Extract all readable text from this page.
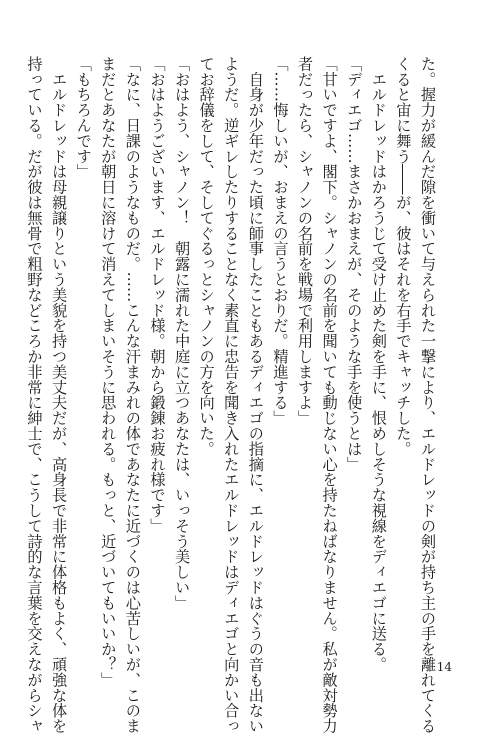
た。握力が緩んだ隙を衝いて与えられた一撃により、エルドレッドの剣が持ち主の手を離れてくる
くると宙に舞う――が、彼はそれを右手でキャッチした。
　エルドレッドはかろうじて受け止めた剣を手に、恨めしそうな視線をディエゴに送る。
「ディエゴ……まさかおまえが、そのような手を使うとは」
「甘いですよ、閣下。シャノンの名前を聞いても動じない心を持たねばなりません。私が敵対勢力
者だったら、シャノンの名前を戦場で利用しますよ」
「……悔しいが、おまえの言うとおりだ。精進する」
　自身が少年だった頃に師事したこともあるディエゴの指摘に、エルドレッドはぐうの音も出ない
ようだ。逆ギレしたりすることなく素直に忠告を聞き入れたエルドレッドはディエゴと向かい合っ
てお辞儀をして、そしてぐるっとシャノンの方を向いた。
「おはよう、シャノン！　朝露に濡れた中庭に立つあなたは、いっそう美しい」
「おはようございます、エルドレッド様。朝から鍛錬お疲れ様です」
「なに、日課のようなものだ。……こんな汗まみれの体であなたに近づくのは心苦しいが、このま
まだとあなたが朝日に溶けて消えてしまいそうに思われる。もっと、近づいてもいいか？」
「もちろんです」
　エルドレッドは母親譲りという美貌を持つ美丈夫だが、高身長で非常に体格もよく、頑強な体を
持っている。だが彼は無骨で粗野などころか非常に紳士で、こうして詩的な言葉を交えながらシャ	14
